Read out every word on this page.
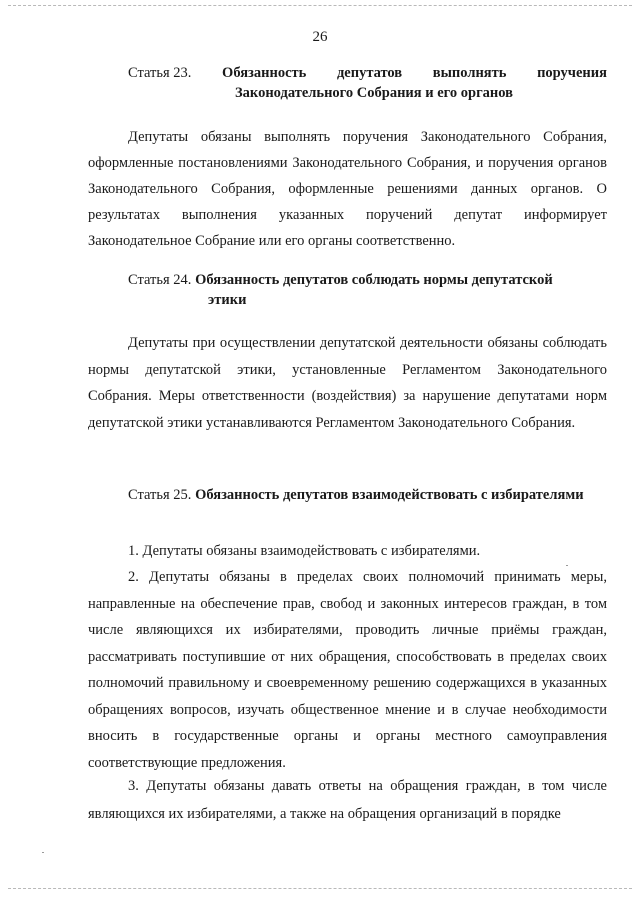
26
Статья 23. Обязанность депутатов выполнять поручения
Законодательного Собрания и его органов

Депутаты обязаны выполнять поручения Законодательного Собрания, оформленные постановлениями Законодательного Собрания, и поручения органов Законодательного Собрания, оформленные решениями данных органов. О результатах выполнения указанных поручений депутат информирует Законодательное Собрание или его органы соответственно.

Статья 24.
Обязанность депутатов соблюдать нормы депутатской
этики

Депутаты при осуществлении депутатской деятельности обязаны соблюдать нормы депутатской этики, установленные Регламентом Законодательного Собрания. Меры ответственности (воздействия) за нарушение депутатами норм депутатской этики устанавливаются Регламентом Законодательного Собрания.

Статья 25. Обязанность депутатов взаимодействовать с избирателями

1. Депутаты обязаны взаимодействовать с избирателями.

2. Депутаты обязаны в пределах своих полномочий принимать меры, направленные на обеспечение прав, свобод и законных интересов граждан, в том числе являющихся их избирателями, проводить личные приёмы граждан, рассматривать поступившие от них обращения, способствовать в пределах своих полномочий правильному и своевременному решению содержащихся в указанных обращениях вопросов, изучать общественное мнение и в случае необходимости вносить в государственные органы и органы местного самоуправления соответствующие предложения.

3. Депутаты обязаны давать ответы на обращения граждан, в том числе являющихся их избирателями, а также на обращения организаций в порядке
